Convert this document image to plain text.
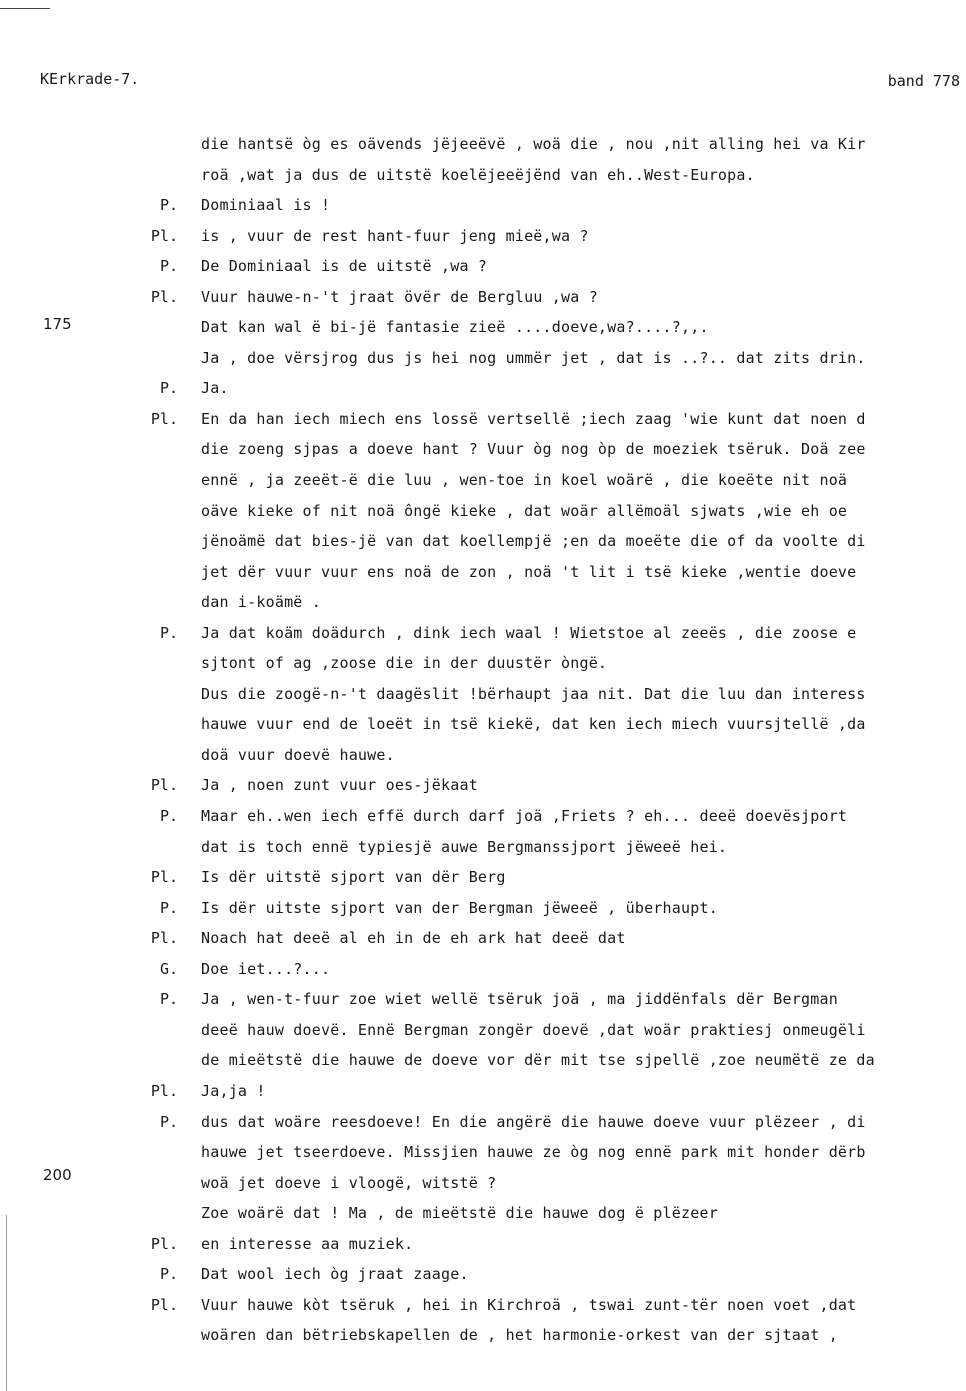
KErkrade-7.	band 778
175
200
die hantsë òg es oävends jëjeeëvë , woä die , nou ,nit alling hei va Kir
roä ,wat ja dus de uitstë koelëjeeëjënd van eh..West-Europa.
P. Dominiaal is !
Pl. is , vuur de rest hant-fuur jeng mieë,wa ?
P. De Dominiaal is de uitstë ,wa ?
Pl. Vuur hauwe-n-'t jraat övër de Bergluu ,wa ?
Dat kan wal ë bi-jë fantasie zieë ....doeve,wa?....?,,.
Ja , doe vërsjrog dus js hei nog ummër jet , dat is ..?.. dat zits drin.
P. Ja.
Pl. En da han iech miech ens lossë vertsellë ;iech zaag 'wie kunt dat noen d
die zoeng sjpas a doeve hant ? Vuur òg nog òp de moeziek tsëruk. Doä zee
ennë , ja zeeët-ë die luu , wen-toe in koel woärë , die koeëte nit noä
oäve kieke of nit noä ôngë kieke , dat woär allëmoäl sjwats ,wie eh oe
jënoämë dat bies-jë van dat koellempjë ;en da moeëte die of da voolte di
jet dër vuur vuur ens noä de zon , noä 't lit i tsë kieke ,wentie doeve
dan i-koämë .
P. Ja dat koäm doädurch , dink iech waal ! Wietstoe al zeeës , die zoose e
sjtont of ag ,zoose die in der duustër òngë.
Dus die zoogë-n-'t daagëslit !bërhaupt jaa nit. Dat die luu dan interess
hauwe vuur end de loeët in tsë kiekë, dat ken iech miech vuursjtellë ,da
doä vuur doevë hauwe.
Pl. Ja , noen zunt vuur oes-jëkaat
P. Maar eh..wen iech effë durch darf joä ,Friets ? eh... deeë doevësjport
dat is toch ennë typiesjë auwe Bergmanssjport jëweeë hei.
Pl. Is dër uitstë sjport van dër Berg
P. Is dër uitste sjport van der Bergman jëweeë , überhaupt.
Pl. Noach hat deeë al eh in de eh ark hat deeë dat
G. Doe iet...?...
P. Ja , wen-t-fuur zoe wiet wellë tsëruk joä , ma jiddënfals dër Bergman
deeë hauw doevë. Ennë Bergman zongër doevë ,dat woär praktiesj onmeugëli
de mieëtstë die hauwe de doeve vor dër mit tse sjpellë ,zoe neumëtë ze da
Pl. Ja,ja !
P. dus dat woäre reesdoeve! En die angërë die hauwe doeve vuur plëzeer , di
hauwe jet tseerdoeve. Missjien hauwe ze òg nog ennë park mit honder dërb
woä jet doeve i vloogë, witstë ?
Zoe woärë dat ! Ma , de mieëtstë die hauwe dog ë plëzeer
Pl. en interesse aa muziek.
P. Dat wool iech òg jraat zaage.
Pl. Vuur hauwe kòt tsëruk , hei in Kirchroä , tswai zunt-tër noen voet ,dat
woären dan bëtriebskapellen de , het harmonie-orkest van der sjtaat ,
